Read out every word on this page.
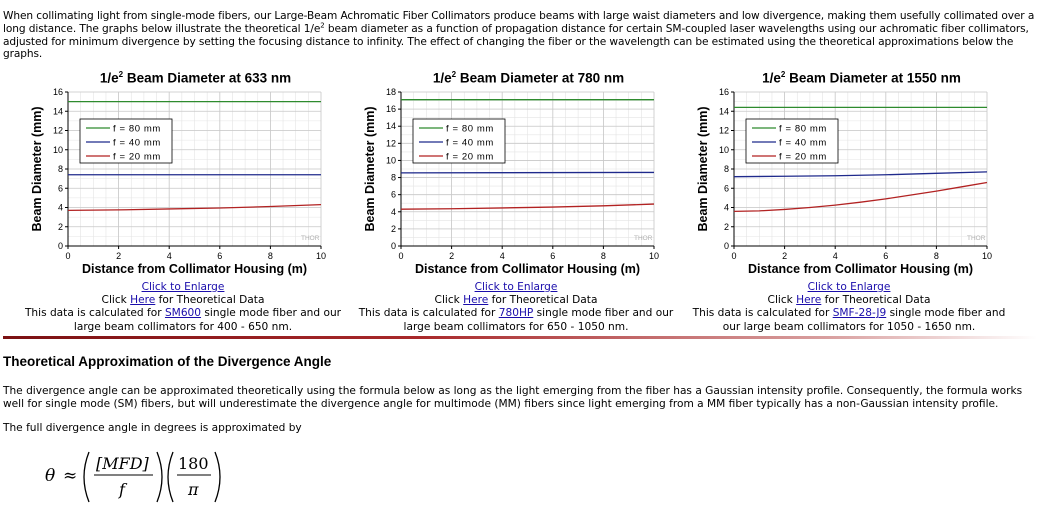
When collimating light from single-mode fibers, our Large-Beam Achromatic Fiber Collimators produce beams with large waist diameters and low divergence, making them usefully collimated over a long distance. The graphs below illustrate the theoretical $1/e^2$ beam diameter as a function of propagation distance for certain SM-coupled laser wavelengths using our achromatic fiber collimators, adjusted for minimum divergence by setting the focusing distance to infinity. The effect of changing the fiber or the wavelength can be estimated using the theoretical approximations below the graphs.
$1/e^2$ Beam Diameter at 633 nm
0	2	4	6	8	10
0
2
4
6
8
10
12
14
16
Distance from Collimator Housing (m)
Beam Diameter (mm)	f = 80 mm
f = 40 mm
f = 20 mm
THOR
Click to Enlarge
Click Here for Theoretical Data
This data is calculated for SM600 single mode fiber and our
large beam collimators for 400 - 650 nm.
$1/e^2$ Beam Diameter at 780 nm
0	2	4	6	8	10
0
2
4
6
8
10
12
14
16
18
Distance from Collimator Housing (m)
Beam Diameter (mm)	f = 80 mm
f = 40 mm
f = 20 mm
THOR
Click to Enlarge
Click Here for Theoretical Data
This data is calculated for 780HP single mode fiber and our
large beam collimators for 650 - 1050 nm.
$1/e^2$ Beam Diameter at 1550 nm
0	2	4	6	8	10
0
2
4
6
8
10
12
14
16
Distance from Collimator Housing (m)
Beam Diameter (mm)	f = 80 mm
f = 40 mm
f = 20 mm
THOR
Click to Enlarge
Click Here for Theoretical Data
This data is calculated for SMF-28-J9 single mode fiber and
our large beam collimators for 1050 - 1650 nm.
Theoretical Approximation of the Divergence Angle
The divergence angle can be approximated theoretically using the formula below as long as the light emerging from the fiber has a Gaussian intensity profile. Consequently, the formula works well for single mode (SM) fibers, but will underestimate the divergence angle for multimode (MM) fibers since light emerging from a MM fiber typically has a non-Gaussian intensity profile.
The full divergence angle in degrees is approximated by
θ ≈
[MFD]
f
180
π
